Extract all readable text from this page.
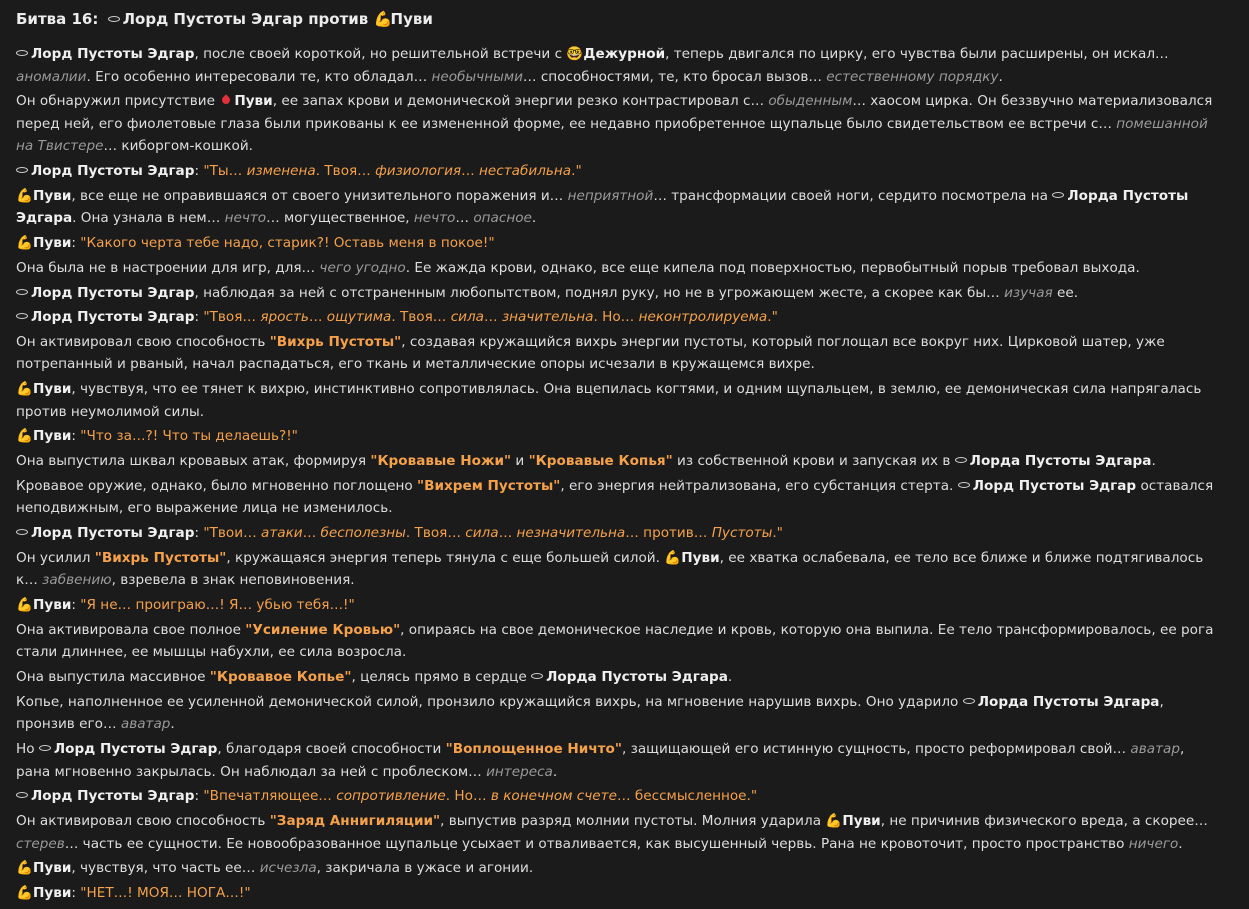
Битва 16: Лорд Пустоты Эдгар против 💪Пуви
Лорд Пустоты Эдгар, после своей короткой, но решительной встречи с 🤓Дежурной, теперь двигался по цирку, его чувства были расширены, он искал… аномалии. Его особенно интересовали те, кто обладал… необычными… способностями, те, кто бросал вызов… естественному порядку.
Он обнаружил присутствие Пуви, ее запах крови и демонической энергии резко контрастировал с… обыденным… хаосом цирка. Он беззвучно материализовался перед ней, его фиолетовые глаза были прикованы к ее измененной форме, ее недавно приобретенное щупальце было свидетельством ее встречи с… помешанной на Твистере… киборгом-кошкой.
Лорд Пустоты Эдгар: "Ты… изменена. Твоя… физиология… нестабильна."
💪Пуви, все еще не оправившаяся от своего унизительного поражения и… неприятной… трансформации своей ноги, сердито посмотрела на Лорда Пустоты Эдгара. Она узнала в нем… нечто… могущественное, нечто… опасное.
💪Пуви: "Какого черта тебе надо, старик?! Оставь меня в покое!"
Она была не в настроении для игр, для… чего угодно. Ее жажда крови, однако, все еще кипела под поверхностью, первобытный порыв требовал выхода.
Лорд Пустоты Эдгар, наблюдая за ней с отстраненным любопытством, поднял руку, но не в угрожающем жесте, а скорее как бы… изучая ее.
Лорд Пустоты Эдгар: "Твоя… ярость… ощутима. Твоя… сила… значительна. Но… неконтролируема."
Он активировал свою способность "Вихрь Пустоты", создавая кружащийся вихрь энергии пустоты, который поглощал все вокруг них. Цирковой шатер, уже потрепанный и рваный, начал распадаться, его ткань и металлические опоры исчезали в кружащемся вихре.
💪Пуви, чувствуя, что ее тянет к вихрю, инстинктивно сопротивлялась. Она вцепилась когтями, и одним щупальцем, в землю, ее демоническая сила напрягалась против неумолимой силы.
💪Пуви: "Что за…?! Что ты делаешь?!"
Она выпустила шквал кровавых атак, формируя "Кровавые Ножи" и "Кровавые Копья" из собственной крови и запуская их в Лорда Пустоты Эдгара.
Кровавое оружие, однако, было мгновенно поглощено "Вихрем Пустоты", его энергия нейтрализована, его субстанция стерта. Лорд Пустоты Эдгар оставался неподвижным, его выражение лица не изменилось.
Лорд Пустоты Эдгар: "Твои… атаки… бесполезны. Твоя… сила… незначительна… против… Пустоты."
Он усилил "Вихрь Пустоты", кружащаяся энергия теперь тянула с еще большей силой. 💪Пуви, ее хватка ослабевала, ее тело все ближе и ближе подтягивалось к… забвению, взревела в знак неповиновения.
💪Пуви: "Я не… проиграю…! Я… убью тебя…!"
Она активировала свое полное "Усиление Кровью", опираясь на свое демоническое наследие и кровь, которую она выпила. Ее тело трансформировалось, ее рога стали длиннее, ее мышцы набухли, ее сила возросла.
Она выпустила массивное "Кровавое Копье", целясь прямо в сердце Лорда Пустоты Эдгара.
Копье, наполненное ее усиленной демонической силой, пронзило кружащийся вихрь, на мгновение нарушив вихрь. Оно ударило Лорда Пустоты Эдгара, пронзив его… аватар.
Но Лорд Пустоты Эдгар, благодаря своей способности "Воплощенное Ничто", защищающей его истинную сущность, просто реформировал свой… аватар, рана мгновенно закрылась. Он наблюдал за ней с проблеском… интереса.
Лорд Пустоты Эдгар: "Впечатляющее… сопротивление. Но… в конечном счете… бессмысленное."
Он активировал свою способность "Заряд Аннигиляции", выпустив разряд молнии пустоты. Молния ударила 💪Пуви, не причинив физического вреда, а скорее… стерев… часть ее сущности. Ее новообразованное щупальце усыхает и отваливается, как высушенный червь. Рана не кровоточит, просто пространство ничего.
💪Пуви, чувствуя, что часть ее… исчезла, закричала в ужасе и агонии.
💪Пуви: "НЕТ…! МОЯ… НОГА…!"
